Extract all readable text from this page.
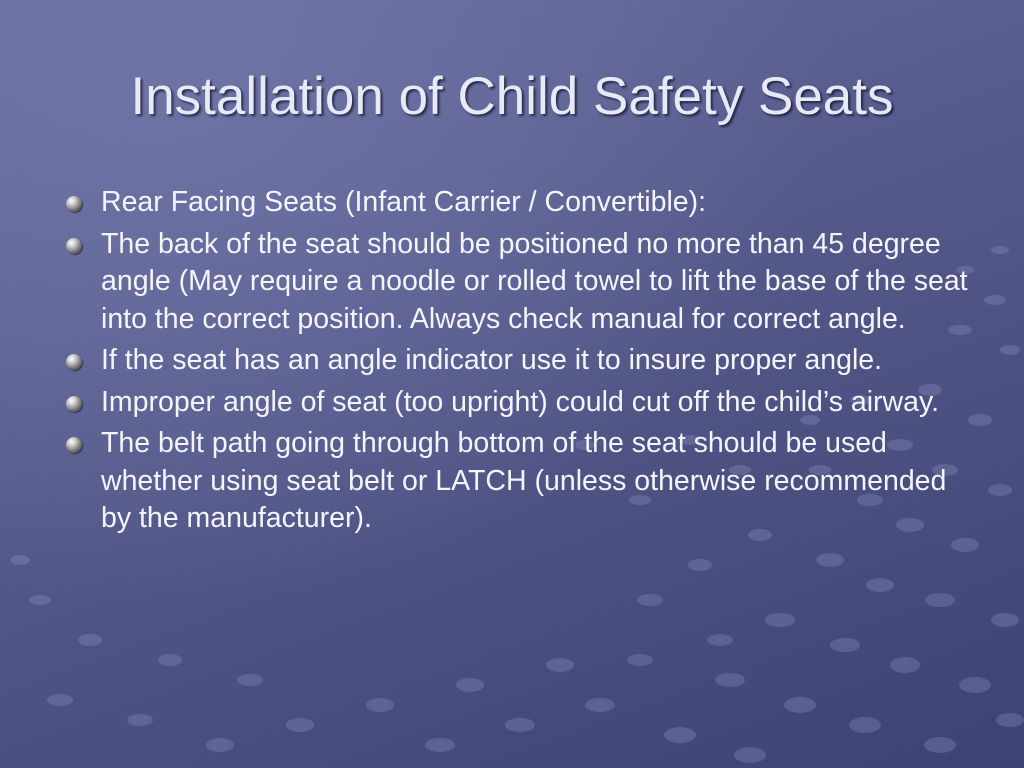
Installation of Child Safety Seats
Rear Facing Seats (Infant Carrier / Convertible):
The back of the seat should be positioned no more than 45 degree angle (May require a noodle or rolled towel to lift the base of the seat into the correct position. Always check manual for correct angle.
If the seat has an angle indicator use it to insure proper angle.
Improper angle of seat (too upright) could cut off the child’s airway.
The belt path going through bottom of the seat should be used whether using seat belt or LATCH (unless otherwise recommended by the manufacturer).
